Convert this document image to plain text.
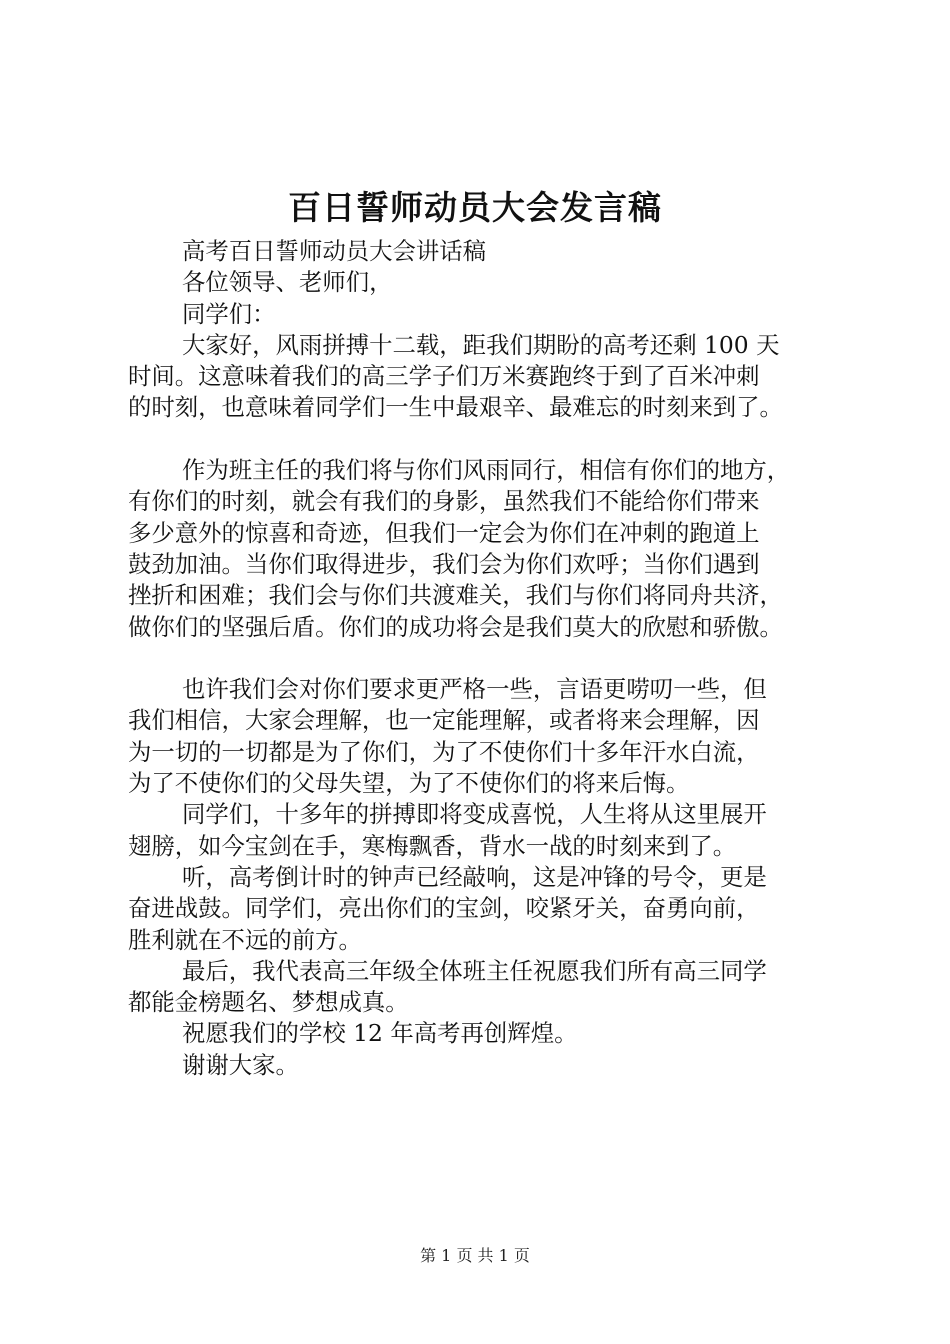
百日誓师动员大会发言稿
高考百日誓师动员大会讲话稿
各位领导、老师们，
同学们：
大家好，风雨拼搏十二载，距我们期盼的高考还剩 100 天
时间。这意味着我们的高三学子们万米赛跑终于到了百米冲刺
的时刻，也意味着同学们一生中最艰辛、最难忘的时刻来到了。
作为班主任的我们将与你们风雨同行，相信有你们的地方，
有你们的时刻，就会有我们的身影，虽然我们不能给你们带来
多少意外的惊喜和奇迹，但我们一定会为你们在冲刺的跑道上
鼓劲加油。当你们取得进步，我们会为你们欢呼；当你们遇到
挫折和困难；我们会与你们共渡难关，我们与你们将同舟共济，
做你们的坚强后盾。你们的成功将会是我们莫大的欣慰和骄傲。
也许我们会对你们要求更严格一些，言语更唠叨一些，但
我们相信，大家会理解，也一定能理解，或者将来会理解，因
为一切的一切都是为了你们，为了不使你们十多年汗水白流，
为了不使你们的父母失望，为了不使你们的将来后悔。
同学们，十多年的拼搏即将变成喜悦，人生将从这里展开
翅膀，如今宝剑在手，寒梅飘香，背水一战的时刻来到了。
听，高考倒计时的钟声已经敲响，这是冲锋的号令，更是
奋进战鼓。同学们，亮出你们的宝剑，咬紧牙关，奋勇向前，
胜利就在不远的前方。
最后，我代表高三年级全体班主任祝愿我们所有高三同学
都能金榜题名、梦想成真。
祝愿我们的学校 12 年高考再创辉煌。
谢谢大家。
第 1 页 共 1 页
